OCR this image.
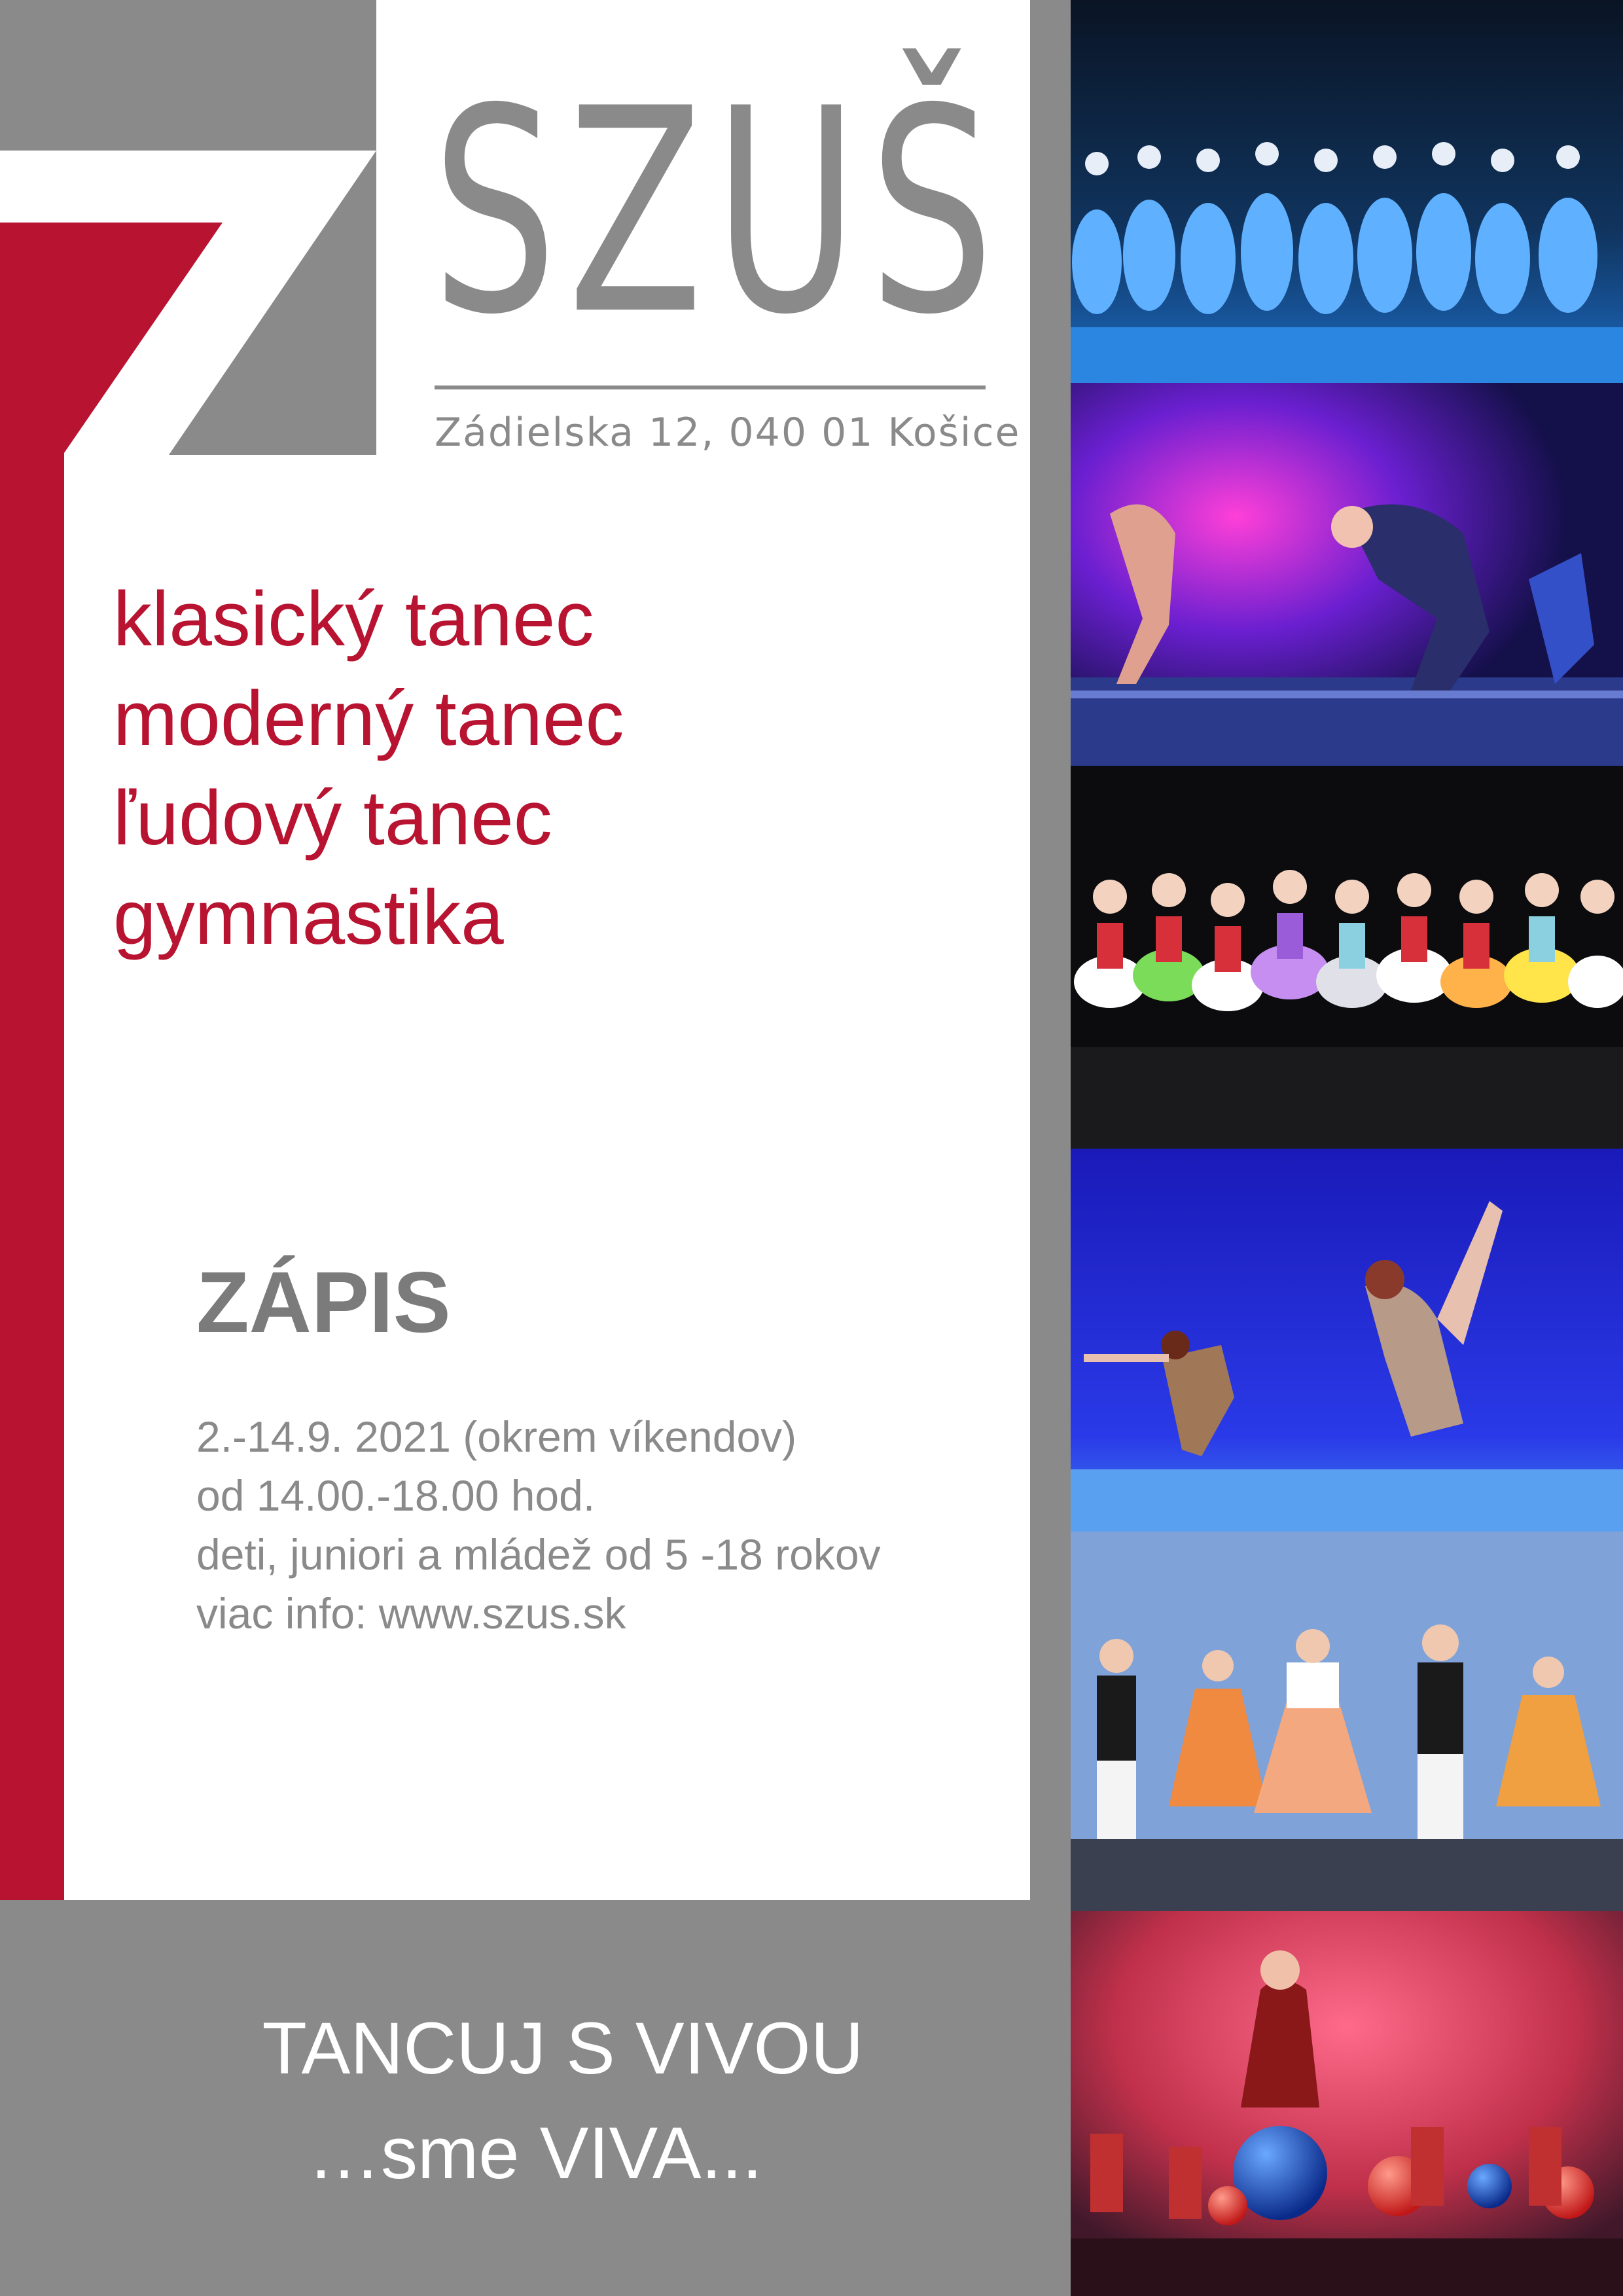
SZUŠ
Zádielska 12, 040 01 Košice
klasický tanec
moderný tanec
ľudový tanec
gymnastika
ZÁPIS
2.-14.9. 2021 (okrem víkendov)
od 14.00.-18.00 hod.
deti, juniori a mládež od 5 -18 rokov
viac info: www.szus.sk
TANCUJ S VIVOU
…sme VIVA...
